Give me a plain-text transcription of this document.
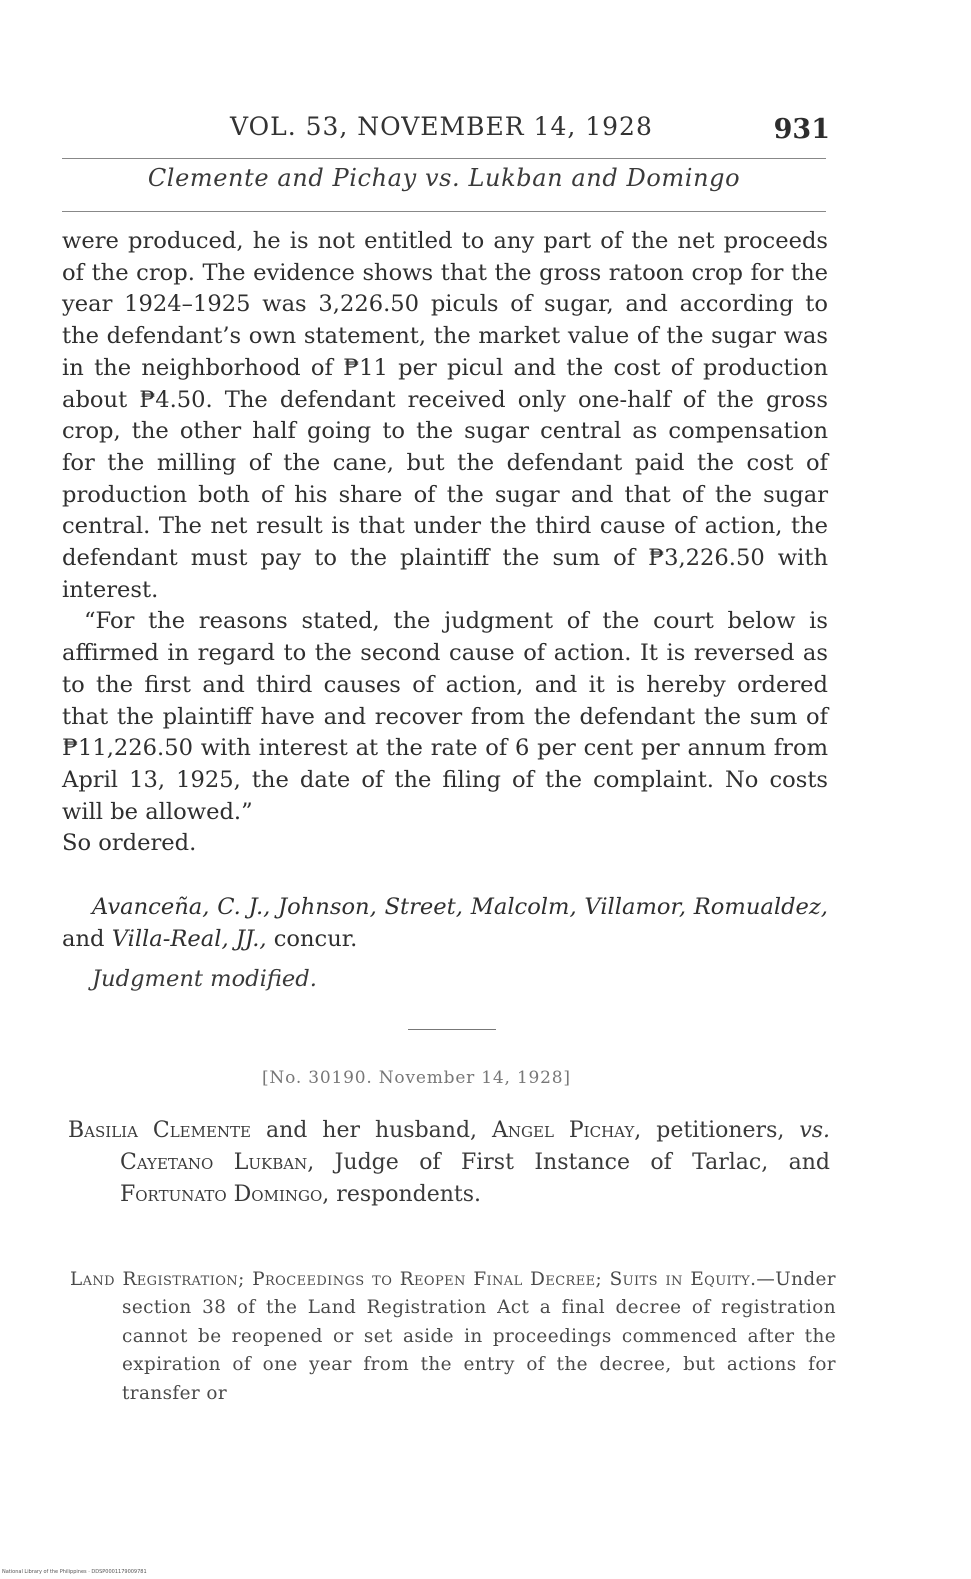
VOL. 53, NOVEMBER 14, 1928	931
Clemente and Pichay vs. Lukban and Domingo

were produced, he is not entitled to any part of the net proceeds of the crop. The evidence shows that the gross ratoon crop for the year 1924–1925 was 3,226.50 piculs of sugar, and according to the defendant’s own statement, the market value of the sugar was in the neighborhood of ₱11 per picul and the cost of production about ₱4.50. The defendant received only one-half of the gross crop, the other half going to the sugar central as compensation for the milling of the cane, but the defendant paid the cost of production both of his share of the sugar and that of the sugar central. The net result is that under the third cause of action, the defendant must pay to the plaintiff the sum of ₱3,226.50 with interest.

“For the reasons stated, the judgment of the court below is affirmed in regard to the second cause of action. It is reversed as to the first and third causes of action, and it is hereby ordered that the plaintiff have and recover from the defendant the sum of ₱11,226.50 with interest at the rate of 6 per cent per annum from April 13, 1925, the date of the filing of the complaint. No costs will be allowed.”

So ordered.

Avanceña, C. J., Johnson, Street, Malcolm, Villamor, Romualdez, and Villa-Real, JJ., concur.
Judgment modified.
[No. 30190. November 14, 1928]
Basilia Clemente and her husband, Angel Pichay, petitioners, vs. Cayetano Lukban, Judge of First Instance of Tarlac, and Fortunato Domingo, respondents.
Land Registration; Proceedings to Reopen Final Decree; Suits in Equity.—Under section 38 of the Land Registration Act a final decree of registration cannot be reopened or set aside in proceedings commenced after the expiration of one year from the entry of the decree, but actions for transfer or
National Library of the Philippines · DDSP0001179009781
